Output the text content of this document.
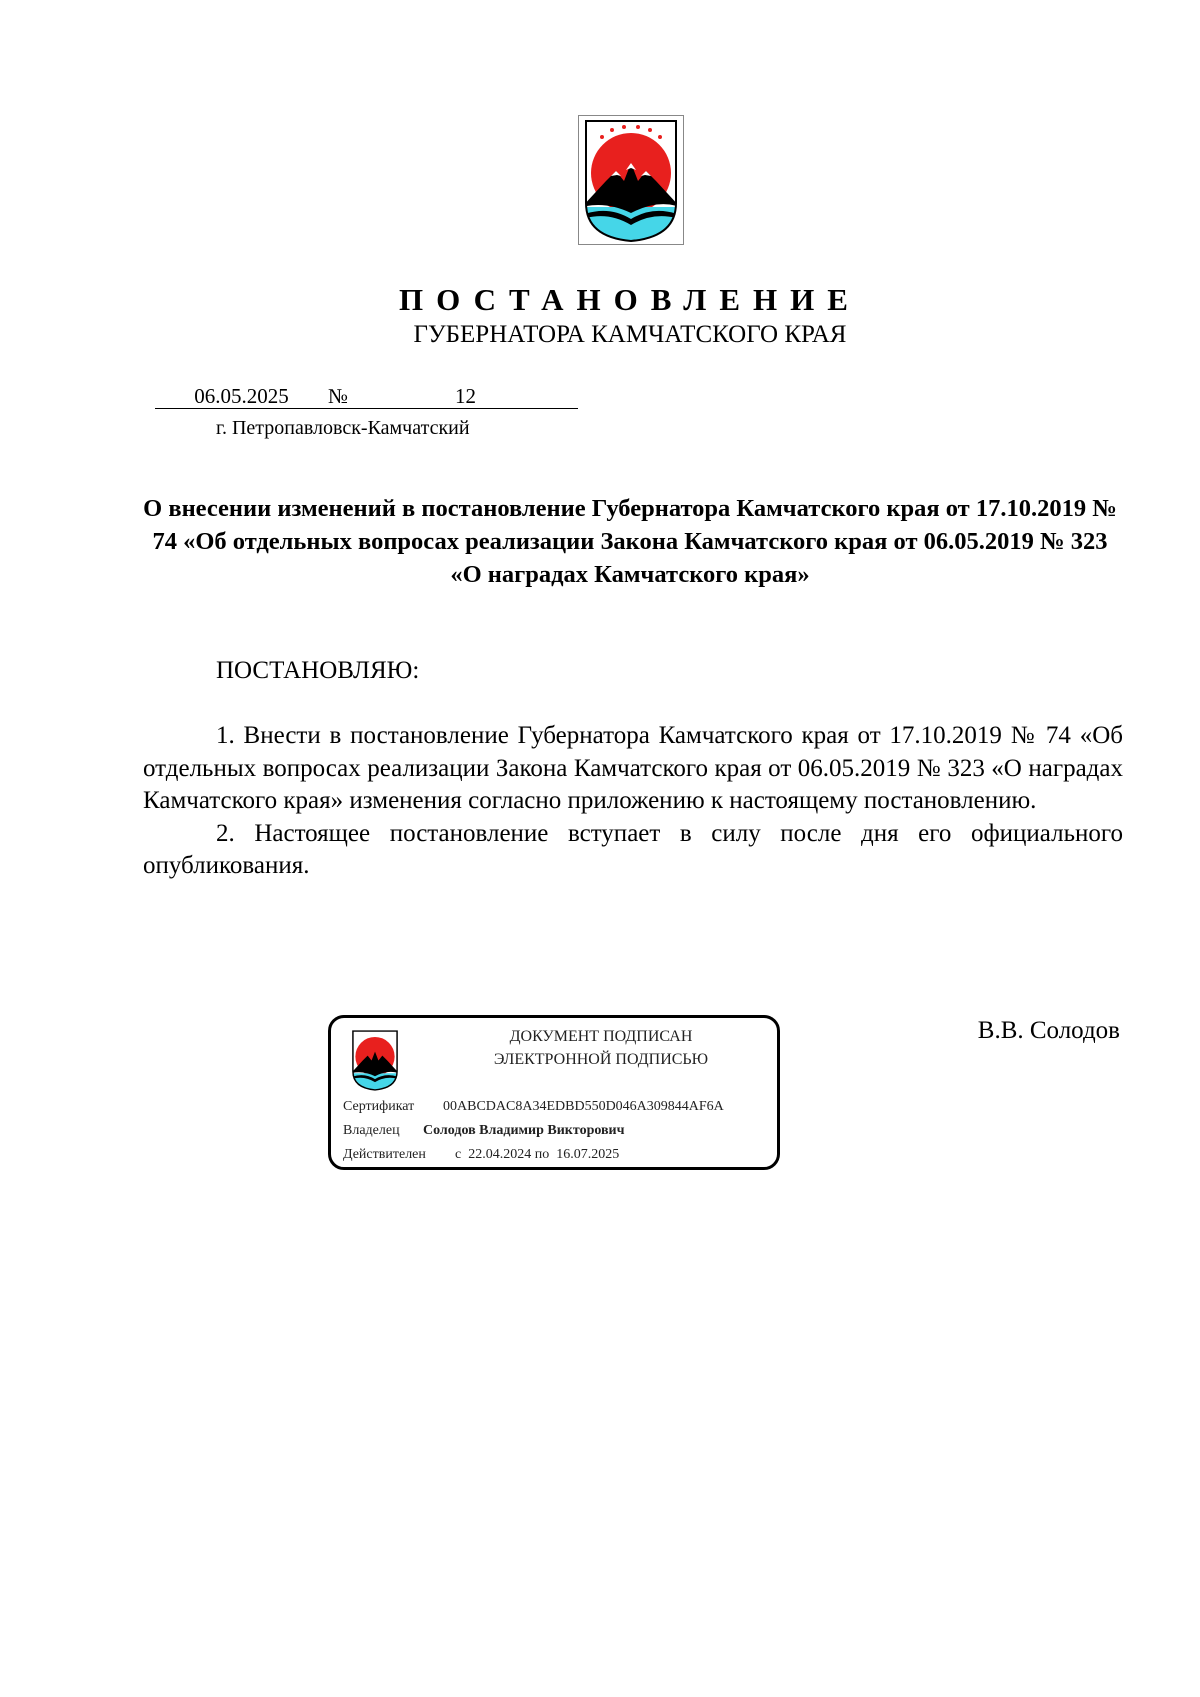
ПОСТАНОВЛЕНИЕ
ГУБЕРНАТОРА КАМЧАТСКОГО КРАЯ
06.05.2025 №	12
г. Петропавловск-Камчатский
О внесении изменений в постановление Губернатора Камчатского края от 17.10.2019 № 74 «Об отдельных вопросах реализации Закона Камчатского края от 06.05.2019 № 323 «О наградах Камчатского края»
ПОСТАНОВЛЯЮ:

1. Внести в постановление Губернатора Камчатского края от 17.10.2019 № 74 «Об отдельных вопросах реализации Закона Камчатского края от 06.05.2019 № 323 «О наградах Камчатского края» изменения согласно приложению к настоящему постановлению.

2. Настоящее постановление вступает в силу после дня его официального опубликования.

ДОКУМЕНТ ПОДПИСАН
ЭЛЕКТРОННОЙ ПОДПИСЬЮ
Сертификат 00ABCDAC8A34EDBD550D046A309844AF6A
Владелец Солодов Владимир Викторович
Действителен с 22.04.2024 по 16.07.2025
В.В. Солодов
